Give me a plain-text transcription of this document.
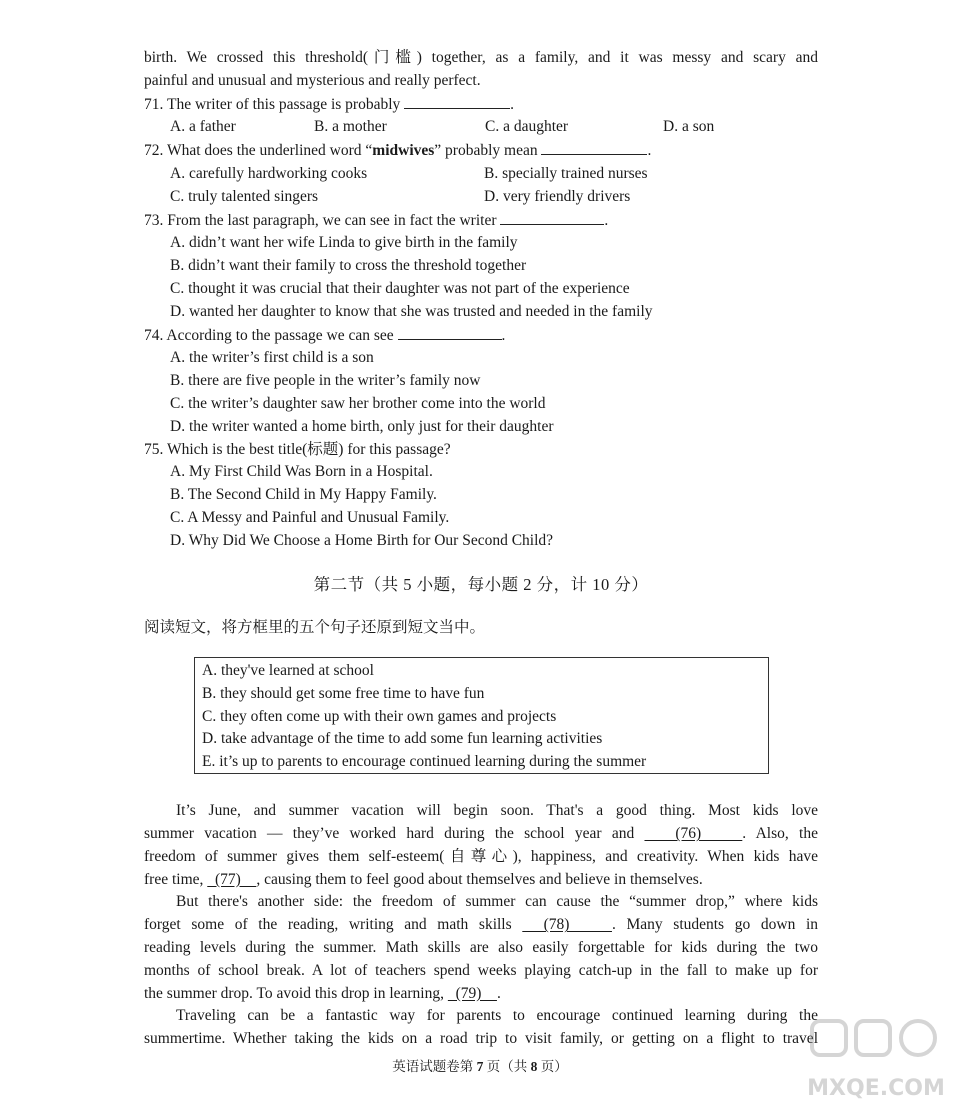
birth. We crossed this threshold(门槛) together, as a family, and it was messy and scary and
painful and unusual and mysterious and really perfect.
71. The writer of this passage is probably	.
A. a father	B. a mother	C. a daughter	D. a son
72. What does the underlined word “midwives” probably mean	.
A. carefully hardworking cooks	B. specially trained nurses
C. truly talented singers	D. very friendly drivers
73. From the last paragraph, we can see in fact the writer	.
A. didn’t want her wife Linda to give birth in the family
B. didn’t want their family to cross the threshold together
C. thought it was crucial that their daughter was not part of the experience
D. wanted her daughter to know that she was trusted and needed in the family
74. According to the passage we can see	.
A. the writer’s first child is a son
B. there are five people in the writer’s family now
C. the writer’s daughter saw her brother come into the world
D. the writer wanted a home birth, only just for their daughter
75. Which is the best title(标题) for this passage?
A. My First Child Was Born in a Hospital.
B. The Second Child in My Happy Family.
C. A Messy and Painful and Unusual Family.
D. Why Did We Choose a Home Birth for Our Second Child?
第二节（共 5 小题，每小题 2 分，计 10 分）
阅读短文，将方框里的五个句子还原到短文当中。
A. they've learned at school
B. they should get some free time to have fun
C. they often come up with their own games and projects
D. take advantage of the time to add some fun learning activities
E. it’s up to parents to encourage continued learning during the summer
It’s June, and summer vacation will begin soon. That's a good thing. Most kids love
summer vacation — they’ve worked hard during the school year and    (76)    . Also, the
freedom of summer gives them self-esteem(自尊心), happiness, and creativity. When kids have
free time,   (77)    , causing them to feel good about themselves and believe in themselves.
But there's another side: the freedom of summer can cause the “summer drop,” where kids
forget some of the reading, writing and math skills   (78)    . Many students go down in
reading levels during the summer. Math skills are also easily forgettable for kids during the two
months of school break. A lot of teachers spend weeks playing catch-up in the fall to make up for
the summer drop. To avoid this drop in learning,   (79)    .
Traveling can be a fantastic way for parents to encourage continued learning during the
summertime. Whether taking the kids on a road trip to visit family, or getting on a flight to travel
英语试题卷第 7 页（共 8 页）
MXQE.COM
